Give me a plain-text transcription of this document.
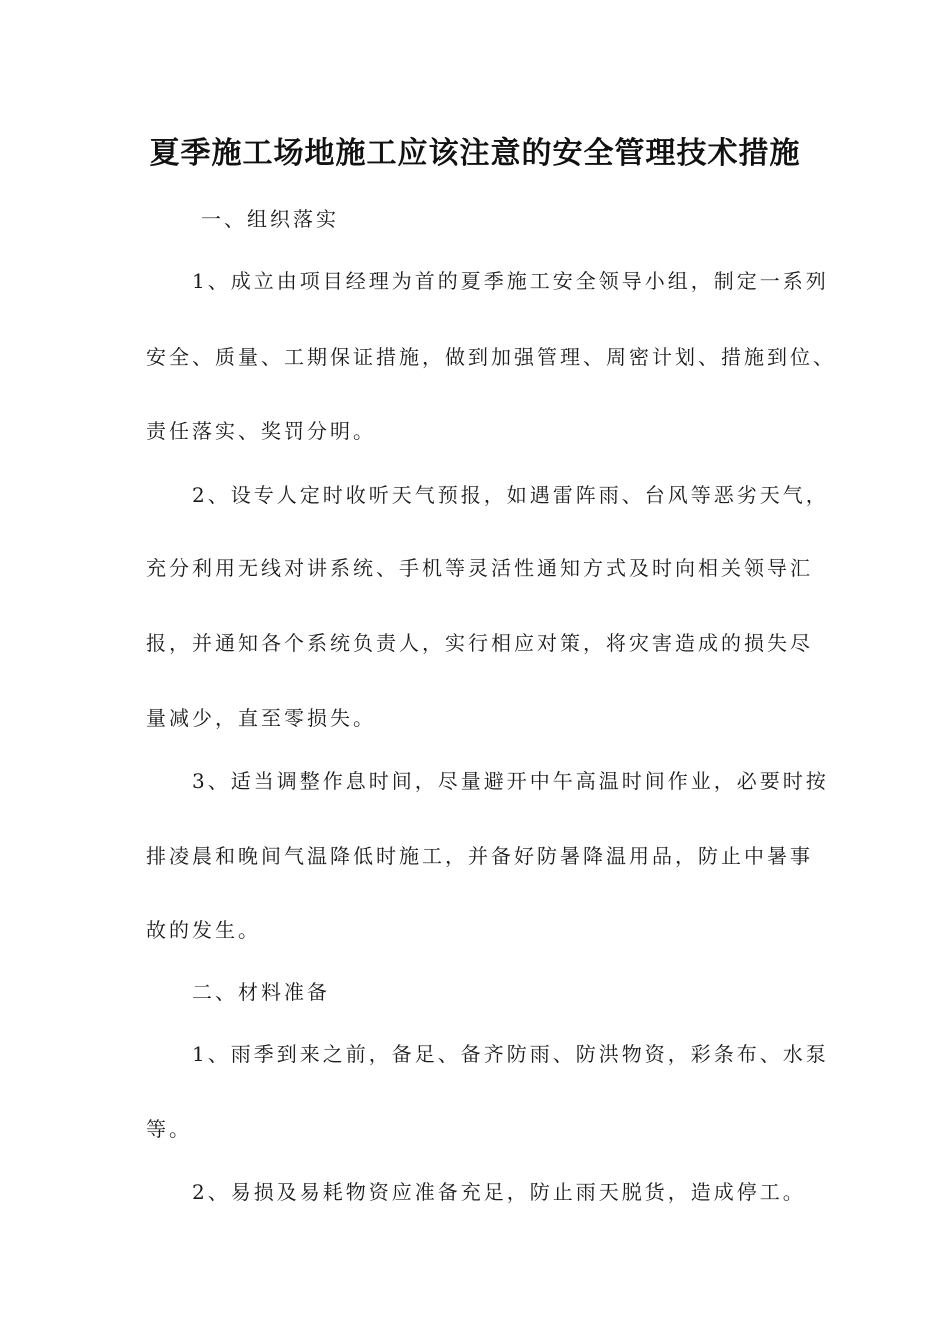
夏季施工场地施工应该注意的安全管理技术措施

一、组织落实

1、成立由项目经理为首的夏季施工安全领导小组，制定一系列

安全、质量、工期保证措施，做到加强管理、周密计划、措施到位、

责任落实、奖罚分明。

2、设专人定时收听天气预报，如遇雷阵雨、台风等恶劣天气，

充分利用无线对讲系统、手机等灵活性通知方式及时向相关领导汇

报，并通知各个系统负责人，实行相应对策，将灾害造成的损失尽

量减少，直至零损失。

3、适当调整作息时间，尽量避开中午高温时间作业，必要时按

排凌晨和晚间气温降低时施工，并备好防暑降温用品，防止中暑事

故的发生。

二、材料准备

1、雨季到来之前，备足、备齐防雨、防洪物资，彩条布、水泵

等。

2、易损及易耗物资应准备充足，防止雨天脱货，造成停工。
